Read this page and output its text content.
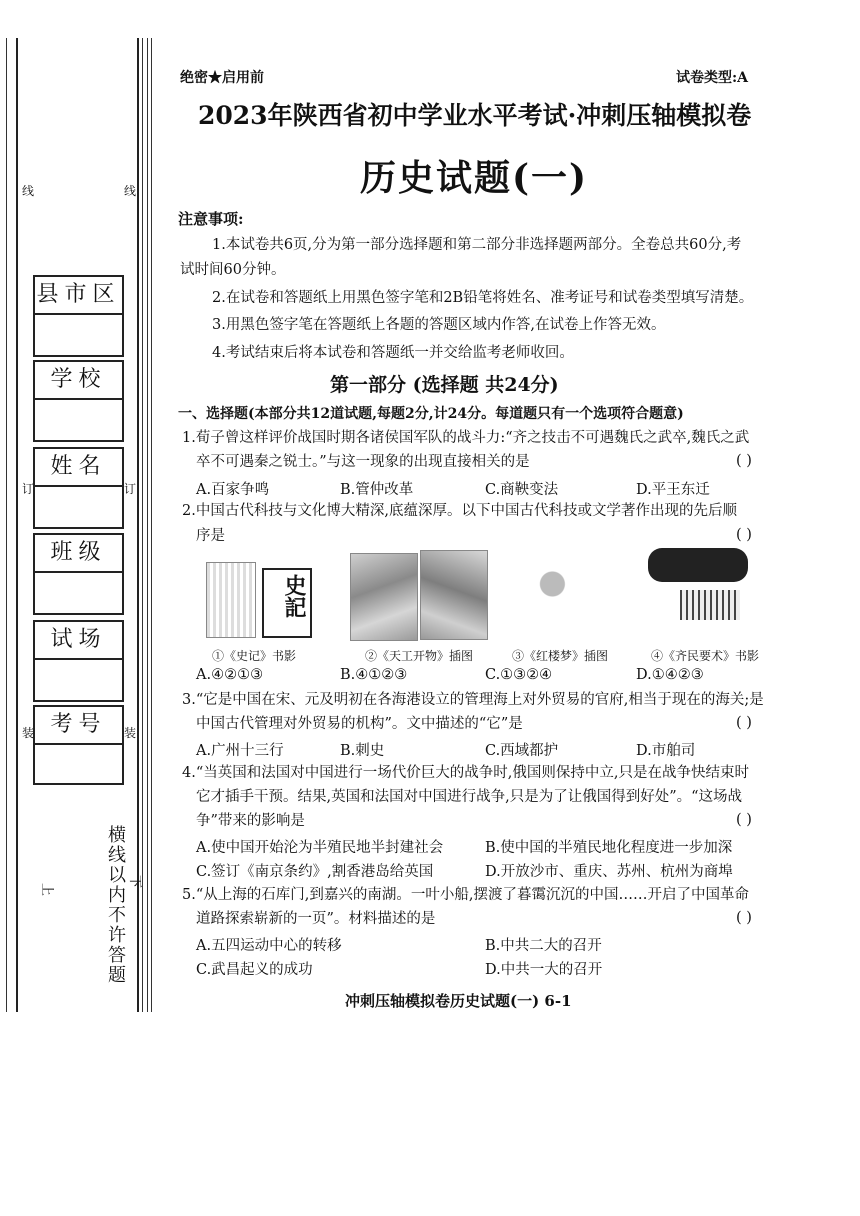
线	线
订	订
装	装
县市区
学校
姓名
班级
试场
考号
横线以内不许答题
上
下
绝密★启用前	试卷类型:A
2023年陕西省初中学业水平考试·冲刺压轴模拟卷
历史试题(一)
注意事项:
1.本试卷共6页,分为第一部分选择题和第二部分非选择题两部分。全卷总共60分,考
试时间60分钟。
2.在试卷和答题纸上用黑色签字笔和2B铅笔将姓名、准考证号和试卷类型填写清楚。
3.用黑色签字笔在答题纸上各题的答题区域内作答,在试卷上作答无效。
4.考试结束后将本试卷和答题纸一并交给监考老师收回。
第一部分 (选择题 共24分)
一、选择题(本部分共12道试题,每题2分,计24分。每道题只有一个选项符合题意)
1.荀子曾这样评价战国时期各诸侯国军队的战斗力:“齐之技击不可遇魏氏之武卒,魏氏之武
卒不可遇秦之锐士。”与这一现象的出现直接相关的是	( )
A.百家争鸣	B.管仲改革	C.商鞅变法	D.平王东迁
2.中国古代科技与文化博大精深,底蕴深厚。以下中国古代科技或文学著作出现的先后顺
序是	( )
史記
①《史记》书影	②《天工开物》插图	③《红楼梦》插图	④《齐民要术》书影
A.④②①③	B.④①②③	C.①③②④	D.①④②③
3.“它是中国在宋、元及明初在各海港设立的管理海上对外贸易的官府,相当于现在的海关;是
中国古代管理对外贸易的机构”。文中描述的“它”是	( )
A.广州十三行	B.刺史	C.西域都护	D.市舶司
4.“当英国和法国对中国进行一场代价巨大的战争时,俄国则保持中立,只是在战争快结束时
它才插手干预。结果,英国和法国对中国进行战争,只是为了让俄国得到好处”。“这场战
争”带来的影响是	( )
A.使中国开始沦为半殖民地半封建社会	B.使中国的半殖民地化程度进一步加深
C.签订《南京条约》,割香港岛给英国	D.开放沙市、重庆、苏州、杭州为商埠
5.“从上海的石库门,到嘉兴的南湖。一叶小船,摆渡了暮霭沉沉的中国……开启了中国革命
道路探索崭新的一页”。材料描述的是	( )
A.五四运动中心的转移	B.中共二大的召开
C.武昌起义的成功	D.中共一大的召开
冲刺压轴模拟卷历史试题(一) 6-1
